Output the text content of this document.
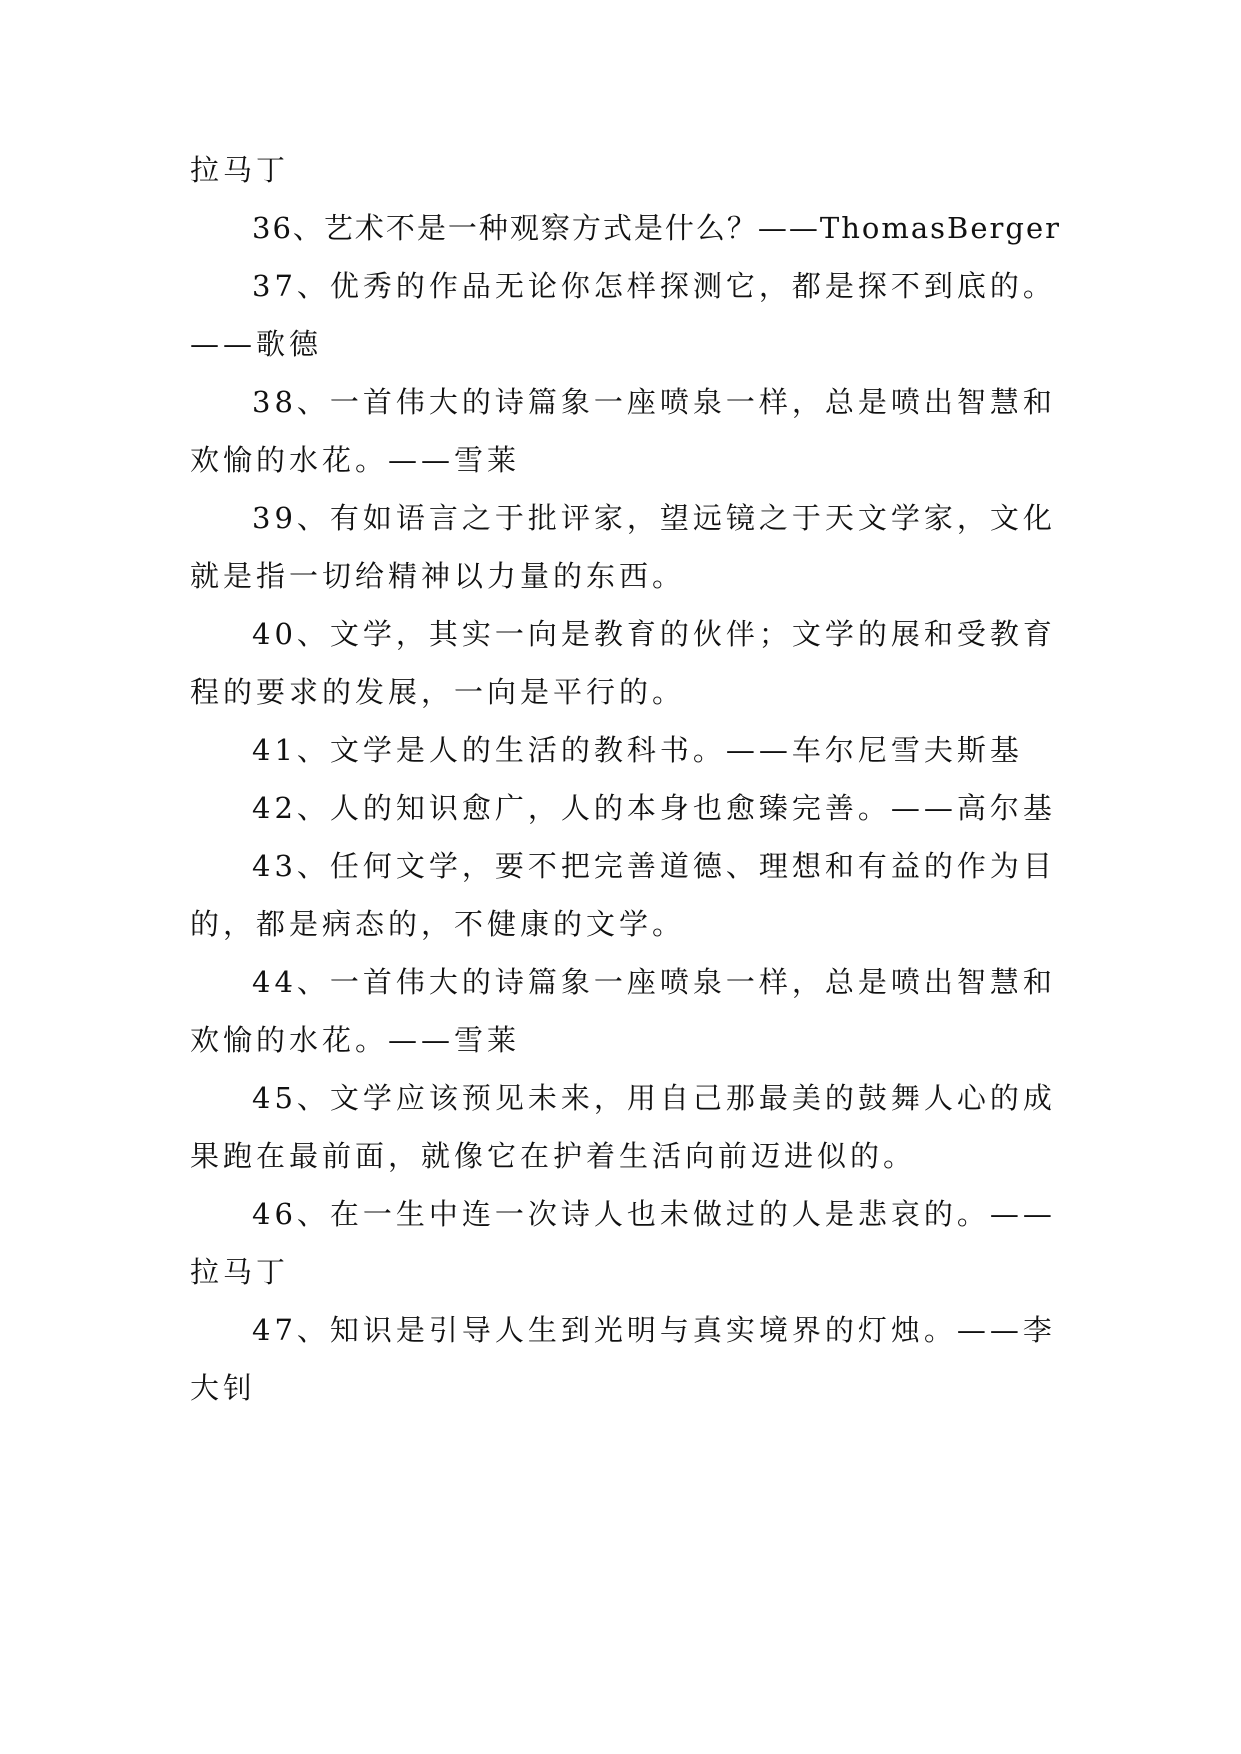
拉马丁
36、艺术不是一种观察方式是什么？——ThomasBerger
37、优秀的作品无论你怎样探测它，都是探不到底的。
——歌德
38、一首伟大的诗篇象一座喷泉一样，总是喷出智慧和
欢愉的水花。——雪莱
39、有如语言之于批评家，望远镜之于天文学家，文化
就是指一切给精神以力量的东西。
40、文学，其实一向是教育的伙伴；文学的展和受教育
程的要求的发展，一向是平行的。
41、文学是人的生活的教科书。——车尔尼雪夫斯基
42、人的知识愈广，人的本身也愈臻完善。——高尔基
43、任何文学，要不把完善道德、理想和有益的作为目
的，都是病态的，不健康的文学。
44、一首伟大的诗篇象一座喷泉一样，总是喷出智慧和
欢愉的水花。——雪莱
45、文学应该预见未来，用自己那最美的鼓舞人心的成
果跑在最前面，就像它在护着生活向前迈进似的。
46、在一生中连一次诗人也未做过的人是悲哀的。——
拉马丁
47、知识是引导人生到光明与真实境界的灯烛。——李
大钊
